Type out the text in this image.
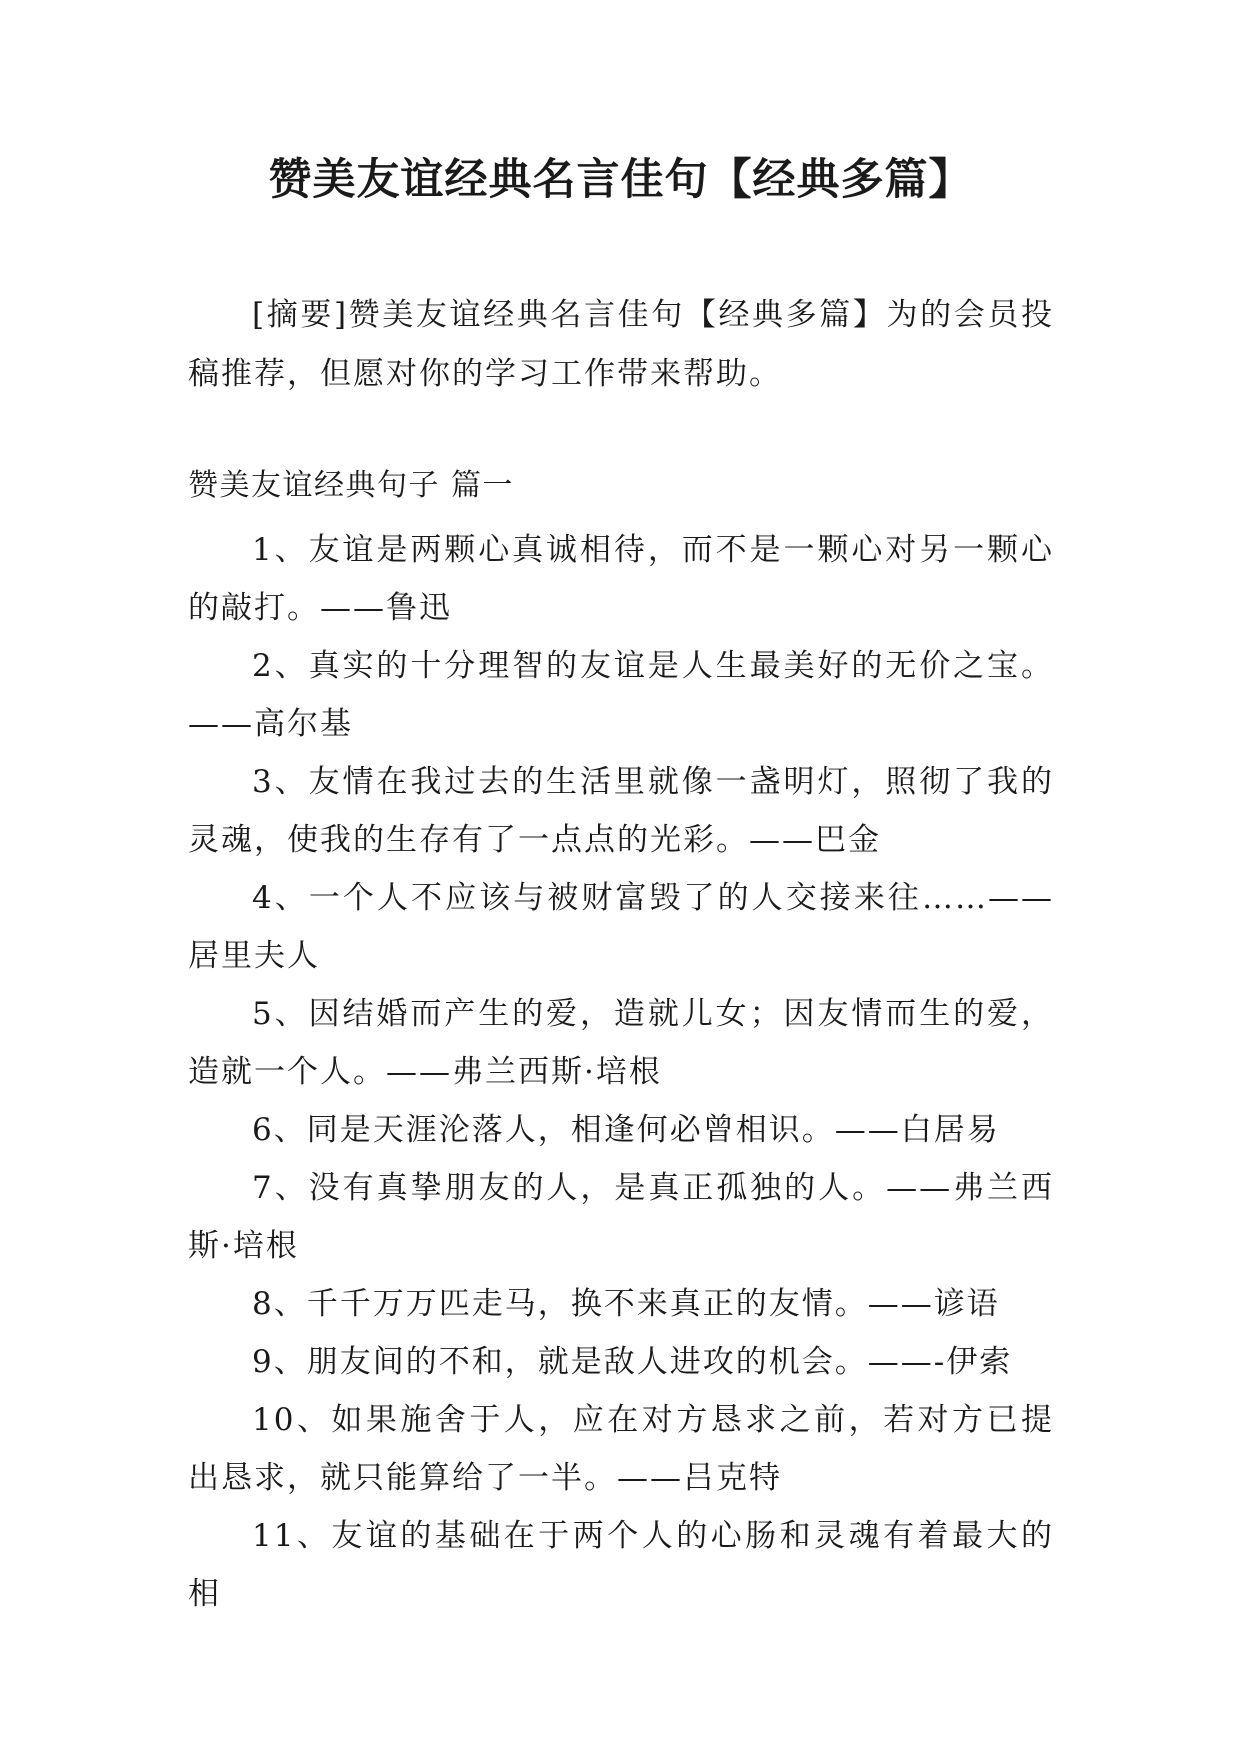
赞美友谊经典名言佳句【经典多篇】

[摘要]赞美友谊经典名言佳句【经典多篇】为的会员投稿推荐，但愿对你的学习工作带来帮助。

赞美友谊经典句子 篇一

1、友谊是两颗心真诚相待，而不是一颗心对另一颗心的敲打。——鲁迅
2、真实的十分理智的友谊是人生最美好的无价之宝。——高尔基
3、友情在我过去的生活里就像一盏明灯，照彻了我的灵魂，使我的生存有了一点点的光彩。——巴金
4、一个人不应该与被财富毁了的人交接来往……——居里夫人
5、因结婚而产生的爱，造就儿女；因友情而生的爱，造就一个人。——弗兰西斯·培根
6、同是天涯沦落人，相逢何必曾相识。——白居易
7、没有真挚朋友的人，是真正孤独的人。——弗兰西斯·培根
8、千千万万匹走马，换不来真正的友情。——谚语
9、朋友间的不和，就是敌人进攻的机会。——-伊索
10、如果施舍于人，应在对方恳求之前，若对方已提出恳求，就只能算给了一半。——吕克特
11、友谊的基础在于两个人的心肠和灵魂有着最大的相
